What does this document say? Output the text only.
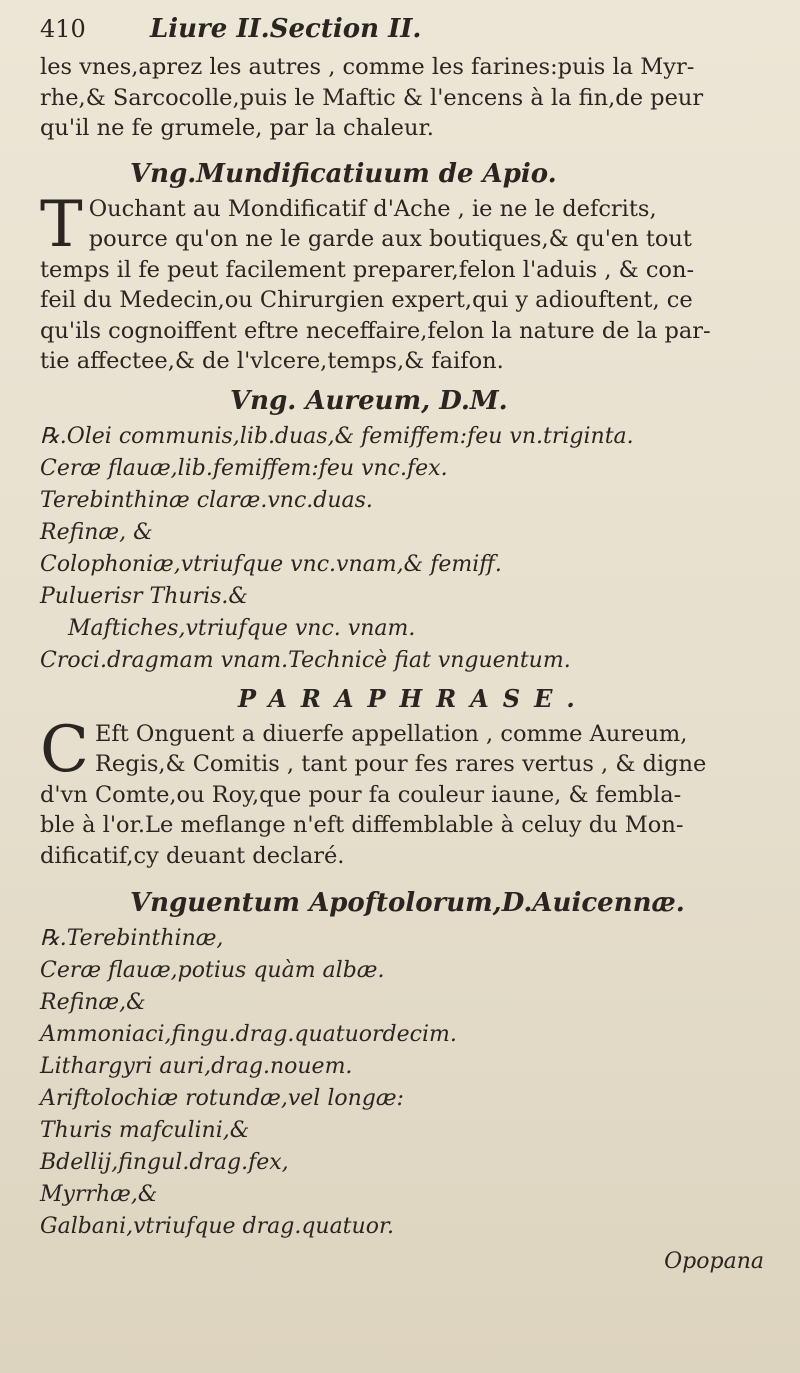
410	Liure II.Section II.
les vnes,aprez les autres , comme les farines:puis la Myr-
rhe,& Sarcocolle,puis le Maftic & l'encens à la fin,de peur
qu'il ne fe grumele, par la chaleur.
Vng.Mundificatiuum de Apio.
T Ouchant au Mondificatif d'Ache , ie ne le defcrits,
pource qu'on ne le garde aux boutiques,& qu'en tout
temps il fe peut facilement preparer,felon l'aduis , & con-
feil du Medecin,ou Chirurgien expert,qui y adiouftent, ce
qu'ils cognoiffent eftre neceffaire,felon la nature de la par-
tie affectee,& de l'vlcere,temps,& faifon.
Vng. Aureum, D.M.
℞.Olei communis,lib.duas,& femiffem:feu vn.triginta.
Ceræ flauæ,lib.femiffem:feu vnc.fex.
Terebinthinæ claræ.vnc.duas.
Refinæ, &
Colophoniæ,vtriufque vnc.vnam,& femiff.
Puluerisr Thuris.&
Maftiches,vtriufque vnc. vnam.
Croci.dragmam vnam.Technicè fiat vnguentum.
PARAPHRASE.
C Eft Onguent a diuerfe appellation , comme Aureum,
Regis,& Comitis , tant pour fes rares vertus , & digne
d'vn Comte,ou Roy,que pour fa couleur iaune, & fembla-
ble à l'or.Le meflange n'eft diffemblable à celuy du Mon-
dificatif,cy deuant declaré.
Vnguentum Apoftolorum,D.Auicennæ.
℞.Terebinthinæ,
Ceræ flauæ,potius quàm albæ.
Refinæ,&
Ammoniaci,fingu.drag.quatuordecim.
Lithargyri auri,drag.nouem.
Ariftolochiæ rotundæ,vel longæ:
Thuris mafculini,&
Bdellij,fingul.drag.fex,
Myrrhæ,&
Galbani,vtriufque drag.quatuor.
Opopana
